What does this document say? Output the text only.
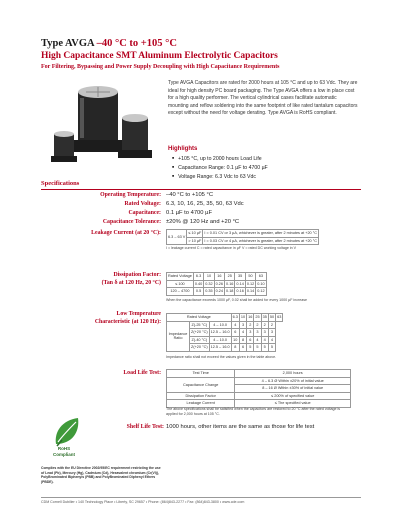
Type AVGA –40 °C to +105 °C
High Capacitance SMT Aluminum Electrolytic Capacitors
For Filtering, Bypassing and Power Supply Decoupling with High Capacitance Requirements
Type AVGA Capacitors are rated for 2000 hours at 105 °C and up to 63 Vdc. They are ideal for high density PC board packaging. The Type AVGA offers a low in place cost for a high quality performer. The vertical cylindrical cases facilitate automatic mounting and reflow soldering into the same footprint of like rated tantalum capacitors except without the need for voltage derating. Type AVGA is RoHS compliant.
Highlights
■ +105 °C, up to 2000 hours Load Life
■ Capacitance Range: 0.1 µF to 4700 µF
■ Voltage Range: 6.3 Vdc to 63 Vdc
Specifications
Operating Temperature: –40 °C to +105 °C
Rated Voltage: 6.3, 10, 16, 25, 35, 50, 63 Vdc
Capacitance: 0.1 µF to 4700 µF
Capacitance Tolerance: ±20% @ 120 Hz and +20 °C
Leakage Current (at 20 °C):
6.3 – 63 V	≤ 10 µF	I = 0.01 CV or 3 µA, whichever is greater, after 2 minutes at +20 °C
	> 10 µF	I = 0.03 CV or 4 µA, whichever is greater, after 2 minutes at +20 °C
I = leakage current C = rated capacitance in µF V = rated DC working voltage in V
Dissipation Factor:
(Tan δ at 120 Hz, 20 °C)
Rated Voltage	6.3	10	16	25	35	50	63
≤ 100	0.40	0.32	0.26	0.16	0.14	0.12	0.10
120 – 4700	0.5	0.35	0.24	0.18	0.16	0.14	0.12
When the capacitance exceeds 1000 µF, 0.02 shall be added for every 1000 µF increase
Low Temperature
Characteristic (at 120 Hz):
Rated Voltage			6.3	10	16	25	35	50	63
Impedance Ratio	Z(-25 °C)	4 – 10.0	4	3	2	2	2	2	
	Z(+20 °C)	12.5 – 16.0	6	4	3	3	3	3	
	Z(-40 °C)	4 – 10.0	10	8	6	4	4	4	
	Z(+20 °C)	12.5 – 16.0	8	6	5	5	5	5	
Impedance ratio shall not exceed the values given in the table above.
Load Life Test:	Test Time	2,000 hours
Capacitance Change	4 – 6.3 Ø Within ±20% of initial value
	8 – 16 Ø Within ±30% of initial value
Dissipation Factor	≤ 200% of specified value
Leakage Current	≤ The specified value
The above specifications shall be satisfied when the capacitors are restored to 20 °C after the rated voltage is applied for 2,000 hours at 105 °C.
RoHS
Compliant
Shelf Life Test: 1000 hours, other items are the same as those for life test
Complies with the EU Directive 2002/95/EC requirement restricting the use of Lead (Pb), Mercury (Hg), Cadmium (Cd), Hexavalent chromium (Cr(VI)), PolyBrominated Biphenyls (PBB) and PolyBrominated Diphenyl Ethers (PBDE).
CDM Cornell Dubilier • 140 Technology Place • Liberty, SC 29657 • Phone: (864)843-2277 • Fax: (864)843-3800 • www.cde.com
